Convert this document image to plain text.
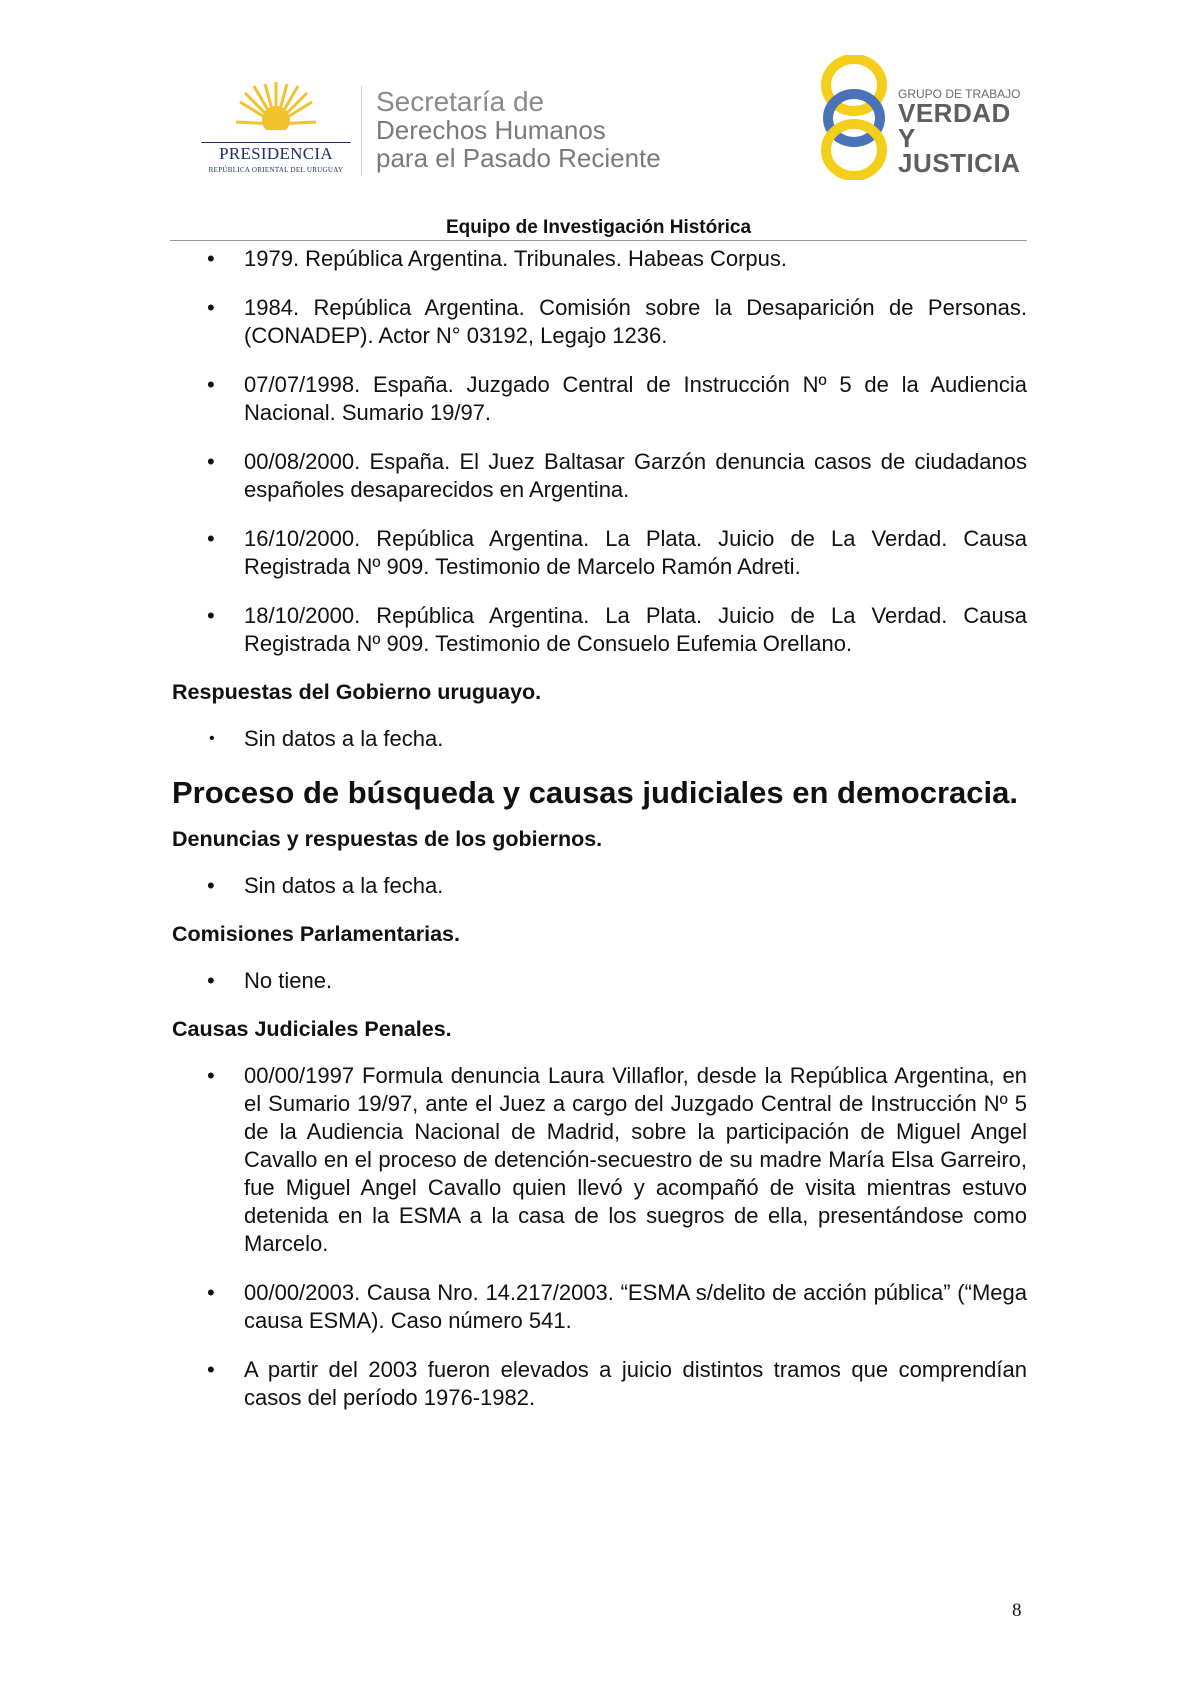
PRESIDENCIA
REPÚBLICA ORIENTAL DEL URUGUAY
Secretaría de
Derechos Humanos
para el Pasado Reciente
GRUPO DE TRABAJO
VERDAD Y
JUSTICIA
Equipo de Investigación Histórica
• 1979. República Argentina. Tribunales. Habeas Corpus.
• 1984. República Argentina. Comisión sobre la Desaparición de Personas. (CONADEP). Actor N° 03192, Legajo 1236.
• 07/07/1998. España. Juzgado Central de Instrucción Nº 5 de la Audiencia Nacional. Sumario 19/97.
• 00/08/2000. España. El Juez Baltasar Garzón denuncia casos de ciudadanos españoles desaparecidos en Argentina.
• 16/10/2000. República Argentina. La Plata. Juicio de La Verdad. Causa Registrada Nº 909. Testimonio de Marcelo Ramón Adreti.
• 18/10/2000. República Argentina. La Plata. Juicio de La Verdad. Causa Registrada Nº 909. Testimonio de Consuelo Eufemia Orellano.
Respuestas del Gobierno uruguayo.
• Sin datos a la fecha.
Proceso de búsqueda y causas judiciales en democracia.
Denuncias y respuestas de los gobiernos.
• Sin datos a la fecha.
Comisiones Parlamentarias.
• No tiene.
Causas Judiciales Penales.
• 00/00/1997 Formula denuncia Laura Villaflor, desde la República Argentina, en el Sumario 19/97, ante el Juez a cargo del Juzgado Central de Instrucción Nº 5 de la Audiencia Nacional de Madrid, sobre la participación de Miguel Angel Cavallo en el proceso de detención-secuestro de su madre María Elsa Garreiro, fue Miguel Angel Cavallo quien llevó y acompañó de visita mientras estuvo detenida en la ESMA a la casa de los suegros de ella, presentándose como Marcelo.
• 00/00/2003. Causa Nro. 14.217/2003. “ESMA s/delito de acción pública” (“Mega causa ESMA). Caso número 541.
• A partir del 2003 fueron elevados a juicio distintos tramos que comprendían casos del período 1976-1982.
8
